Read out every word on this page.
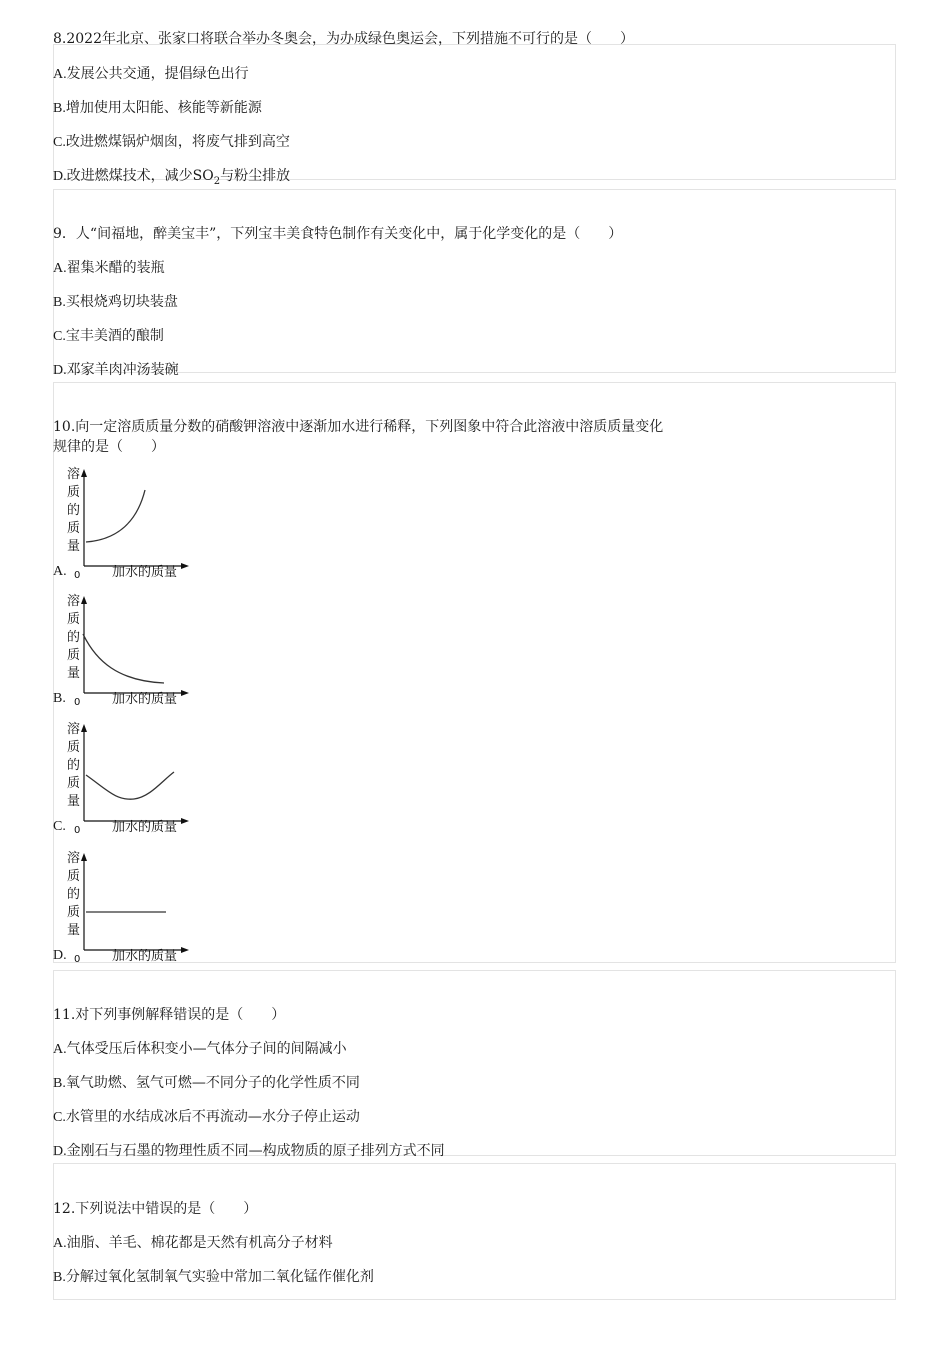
8.2022年北京、张家口将联合举办冬奥会，为办成绿色奥运会，下列措施不可行的是（　　）
A.发展公共交通，提倡绿色出行
B.增加使用太阳能、核能等新能源
C.改进燃煤锅炉烟囱，将废气排到高空
D.改进燃煤技术，减少$SO_2$与粉尘排放
9．人“间福地，醉美宝丰”，下列宝丰美食特色制作有关变化中，属于化学变化的是（　　）
A.翟集米醋的装瓶
B.买根烧鸡切块装盘
C.宝丰美酒的酿制
D.邓家羊肉冲汤装碗
10.向一定溶质质量分数的硝酸钾溶液中逐渐加水进行稀释，下列图象中符合此溶液中溶质质量变化
规律的是（　　）
A.
B.
C.
D.
溶
质
的
质
量
0 加水的质量
溶
质
的
质
量
0 加水的质量
溶
质
的
质
量
0 加水的质量
溶
质
的
质
量
0 加水的质量
11.对下列事例解释错误的是（　　）
A.气体受压后体积变小—气体分子间的间隔减小
B.氧气助燃、氢气可燃—不同分子的化学性质不同
C.水管里的水结成冰后不再流动—水分子停止运动
D.金刚石与石墨的物理性质不同—构成物质的原子排列方式不同
12.下列说法中错误的是（　　）
A.油脂、羊毛、棉花都是天然有机高分子材料
B.分解过氧化氢制氧气实验中常加二氧化锰作催化剂
